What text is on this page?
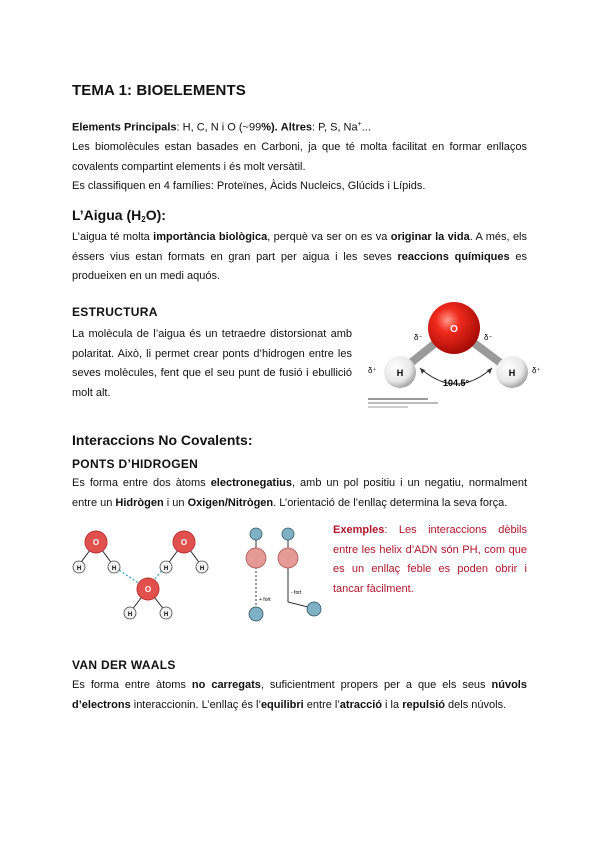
TEMA 1: BIOELEMENTS

Elements Principals: H, C, N i O (~99%). Altres: P, S, Na+...

Les biomolècules estan basades en Carboni, ja que té molta facilitat en formar enllaços covalents compartint elements i és molt versàtil.

Es classifiquen en 4 famílies: Proteïnes, Àcids Nucleics, Glúcids i Lípids.

L’Aigua $(H_2O)$:

L’aigua té molta importància biològica, perquè va ser on es va originar la vida. A més, els éssers vius estan formats en gran part per aigua i les seves reaccions químiques es produeixen en un medi aquós.

ESTRUCTURA

La molècula de l’aigua és un tetraedre distorsionat amb polaritat. Això, li permet crear ponts d’hidrogen entre les seves molècules, fent que el seu punt de fusió i ebullició molt alt.

O
H	H
104.5°
δ⁻	δ⁻
δ⁺	δ⁺
Interaccions No Covalents:
PONTS D’HIDROGEN

Es forma entre dos àtoms electronegatius, amb un pol positiu i un negatiu, normalment entre un Hidrògen i un Oxigen/Nitrògen. L’orientació de l’enllaç determina la seva força.

O
H	H
O
H	H
O
H	H
+ fort
- fort

Exemples: Les interaccions dèbils entre les helix d’ADN són PH, com que es un enllaç feble es poden obrir i tancar fàcilment.

VAN DER WAALS

Es forma entre àtoms no carregats, suficientment propers per a que els seus núvols d’electrons interaccionin. L’enllaç és l’equilibri entre l’atracció i la repulsió dels núvols.
